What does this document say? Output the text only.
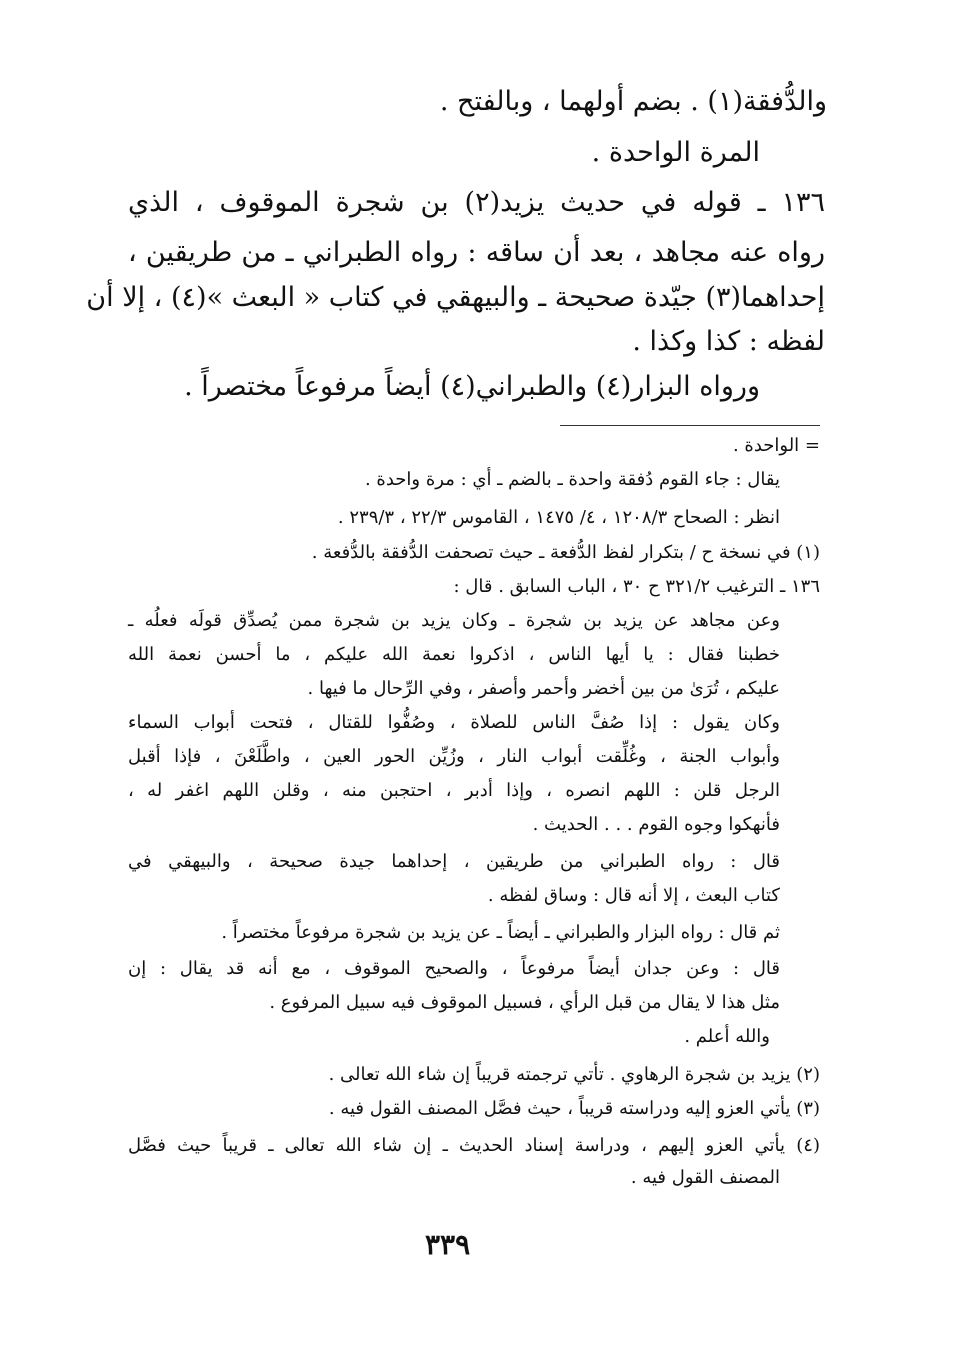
والدُّفقة(١) . بضم أولهما ، وبالفتح .

المرة الواحدة .

١٣٦ ـ قوله في حديث يزيد(٢) بن شجرة الموقوف ، الذي

رواه عنه مجاهد ، بعد أن ساقه : رواه الطبراني ـ من طريقين ،

إحداهما(٣) جيّدة صحيحة ـ والبيهقي في كتاب « البعث »(٤) ، إلا أن

لفظه : كذا وكذا .

ورواه البزار(٤) والطبراني(٤) أيضاً مرفوعاً مختصراً .

= الواحدة .

يقال : جاء القوم دُفقة واحدة ـ بالضم ـ أي : مرة واحدة .

انظر : الصحاح ١٢٠٨/٣ ، ٤/ ١٤٧٥ ، القاموس ٢٢/٣ ، ٢٣٩/٣ .

(١) في نسخة ح / بتكرار لفظ الدُّفعة ـ حيث تصحفت الدُّفقة بالدُّفعة .

١٣٦ ـ الترغيب ٣٢١/٢ ح ٣٠ ، الباب السابق . قال :

وعن مجاهد عن يزيد بن شجرة ـ وكان يزيد بن شجرة ممن يُصدِّق قولَه فعلُه ـ

خطبنا فقال : يا أيها الناس ، اذكروا نعمة الله عليكم ، ما أحسن نعمة الله

عليكم ، تُرَىٰ من بين أخضر وأحمر وأصفر ، وفي الرِّحال ما فيها .

وكان يقول : إذا صُفَّ الناس للصلاة ، وصُفُّوا للقتال ، فتحت أبواب السماء

وأبواب الجنة ، وغُلِّقت أبواب النار ، وزُيِّن الحور العين ، واطَّلَعْنَ ، فإذا أقبل

الرجل قلن : اللهم انصره ، وإذا أدبر ، احتجبن منه ، وقلن اللهم اغفر له ،

فأنهكوا وجوه القوم . . . الحديث .

قال : رواه الطبراني من طريقين ، إحداهما جيدة صحيحة ، والبيهقي في

كتاب البعث ، إلا أنه قال : وساق لفظه .

ثم قال : رواه البزار والطبراني ـ أيضاً ـ عن يزيد بن شجرة مرفوعاً مختصراً .

قال : وعن جدان أيضاً مرفوعاً ، والصحيح الموقوف ، مع أنه قد يقال : إن

مثل هذا لا يقال من قبل الرأي ، فسبيل الموقوف فيه سبيل المرفوع .

والله أعلم .

(٢) يزيد بن شجرة الرهاوي . تأتي ترجمته قريباً إن شاء الله تعالى .

(٣) يأتي العزو إليه ودراسته قريباً ، حيث فصَّل المصنف القول فيه .

(٤) يأتي العزو إليهم ، ودراسة إسناد الحديث ـ إن شاء الله تعالى ـ قريباً حيث فصَّل

المصنف القول فيه .

٣٣٩
